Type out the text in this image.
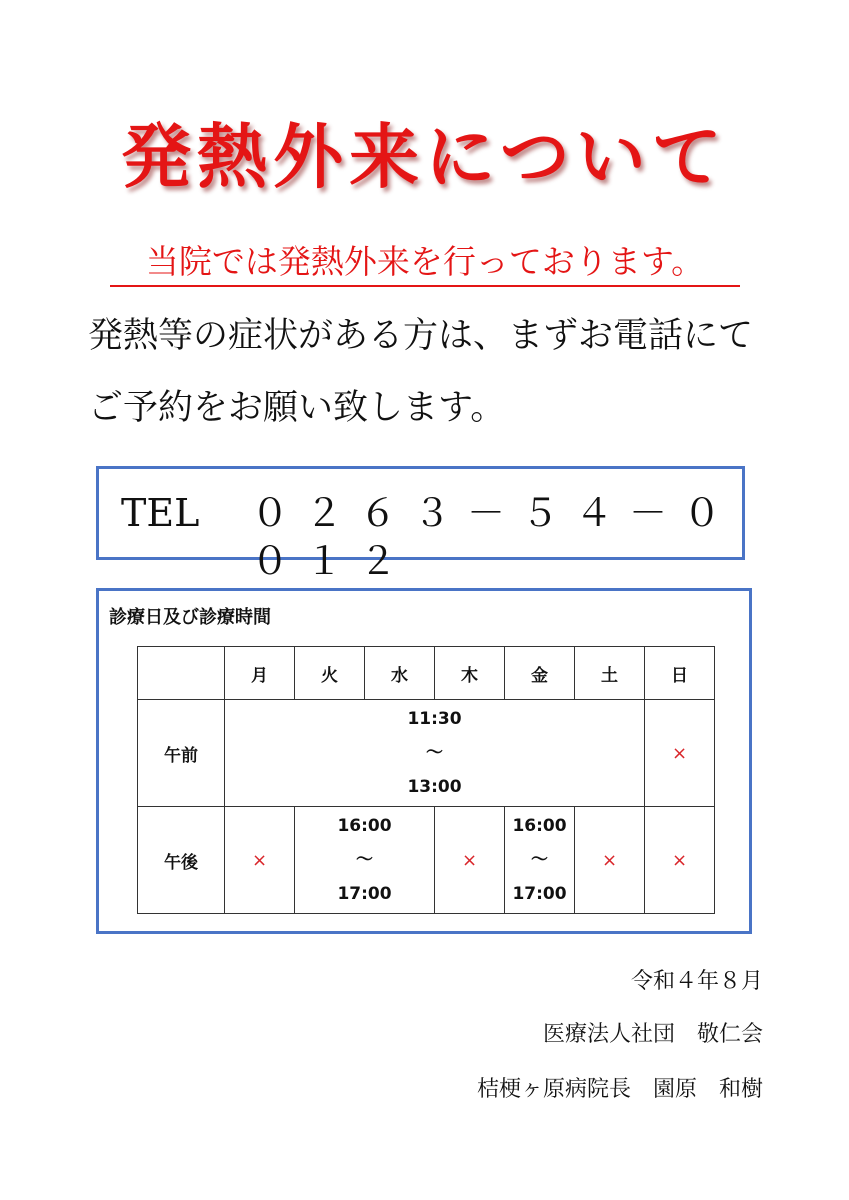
発熱外来について
当院では発熱外来を行っております。
発熱等の症状がある方は、まずお電話にて
ご予約をお願い致します。
TEL ０２６３－５４－００１２
診療日及び診療時間
	月	火	水	木	金	土	日
午前	11:30
～
13:00						×
午後	×	16:00
～
17:00		×	16:00
～
17:00	×	×
令和４年８月
医療法人社団　敬仁会
桔梗ヶ原病院長　園原　和樹
